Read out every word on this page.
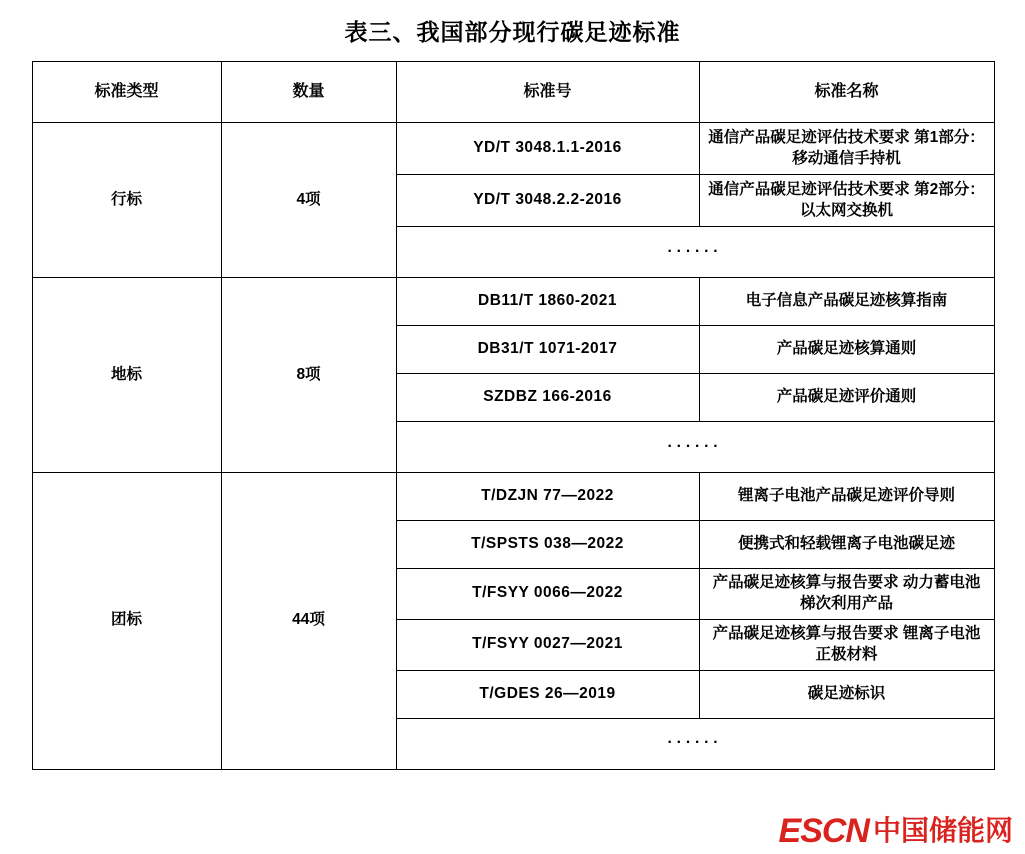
表三、我国部分现行碳足迹标准
标准类型	数量	标准号	标准名称
行标	4项	YD/T 3048.1.1-2016	通信产品碳足迹评估技术要求 第1部分：移动通信手持机
		YD/T 3048.2.2-2016	通信产品碳足迹评估技术要求 第2部分：以太网交换机
		······	
地标	8项	DB11/T 1860-2021	电子信息产品碳足迹核算指南
		DB31/T 1071-2017	产品碳足迹核算通则
		SZDBZ 166-2016	产品碳足迹评价通则
		······	
团标	44项	T/DZJN 77—2022	锂离子电池产品碳足迹评价导则
		T/SPSTS 038—2022	便携式和轻载锂离子电池碳足迹
		T/FSYY 0066—2022	产品碳足迹核算与报告要求 动力蓄电池梯次利用产品
		T/FSYY 0027—2021	产品碳足迹核算与报告要求 锂离子电池正极材料
		T/GDES 26—2019	碳足迹标识
		······	
ESCN 中国储能网
